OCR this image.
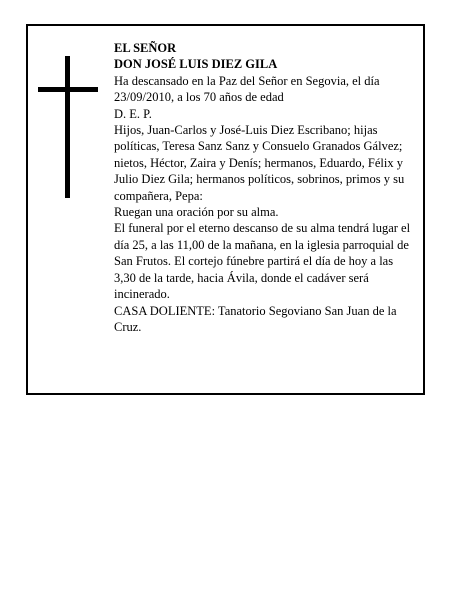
EL SEÑOR

DON JOSÉ LUIS DIEZ GILA

Ha descansado en la Paz del Señor en Segovia, el día 23/09/2010, a los 70 años de edad

D. E. P.

Hijos, Juan-Carlos y José-Luis Diez Escribano; hijas políticas, Teresa Sanz Sanz y Consuelo Granados Gálvez; nietos, Héctor, Zaira y Denís; hermanos, Eduardo, Félix y Julio Diez Gila; hermanos políticos, sobrinos, primos y su compañera, Pepa:

Ruegan una oración por su alma.

El funeral por el eterno descanso de su alma tendrá lugar el día 25, a las 11,00 de la mañana, en la iglesia parroquial de San Frutos. El cortejo fúnebre partirá el día de hoy a las 3,30 de la tarde, hacia Ávila, donde el cadáver será incinerado.

CASA DOLIENTE: Tanatorio Segoviano San Juan de la Cruz.
